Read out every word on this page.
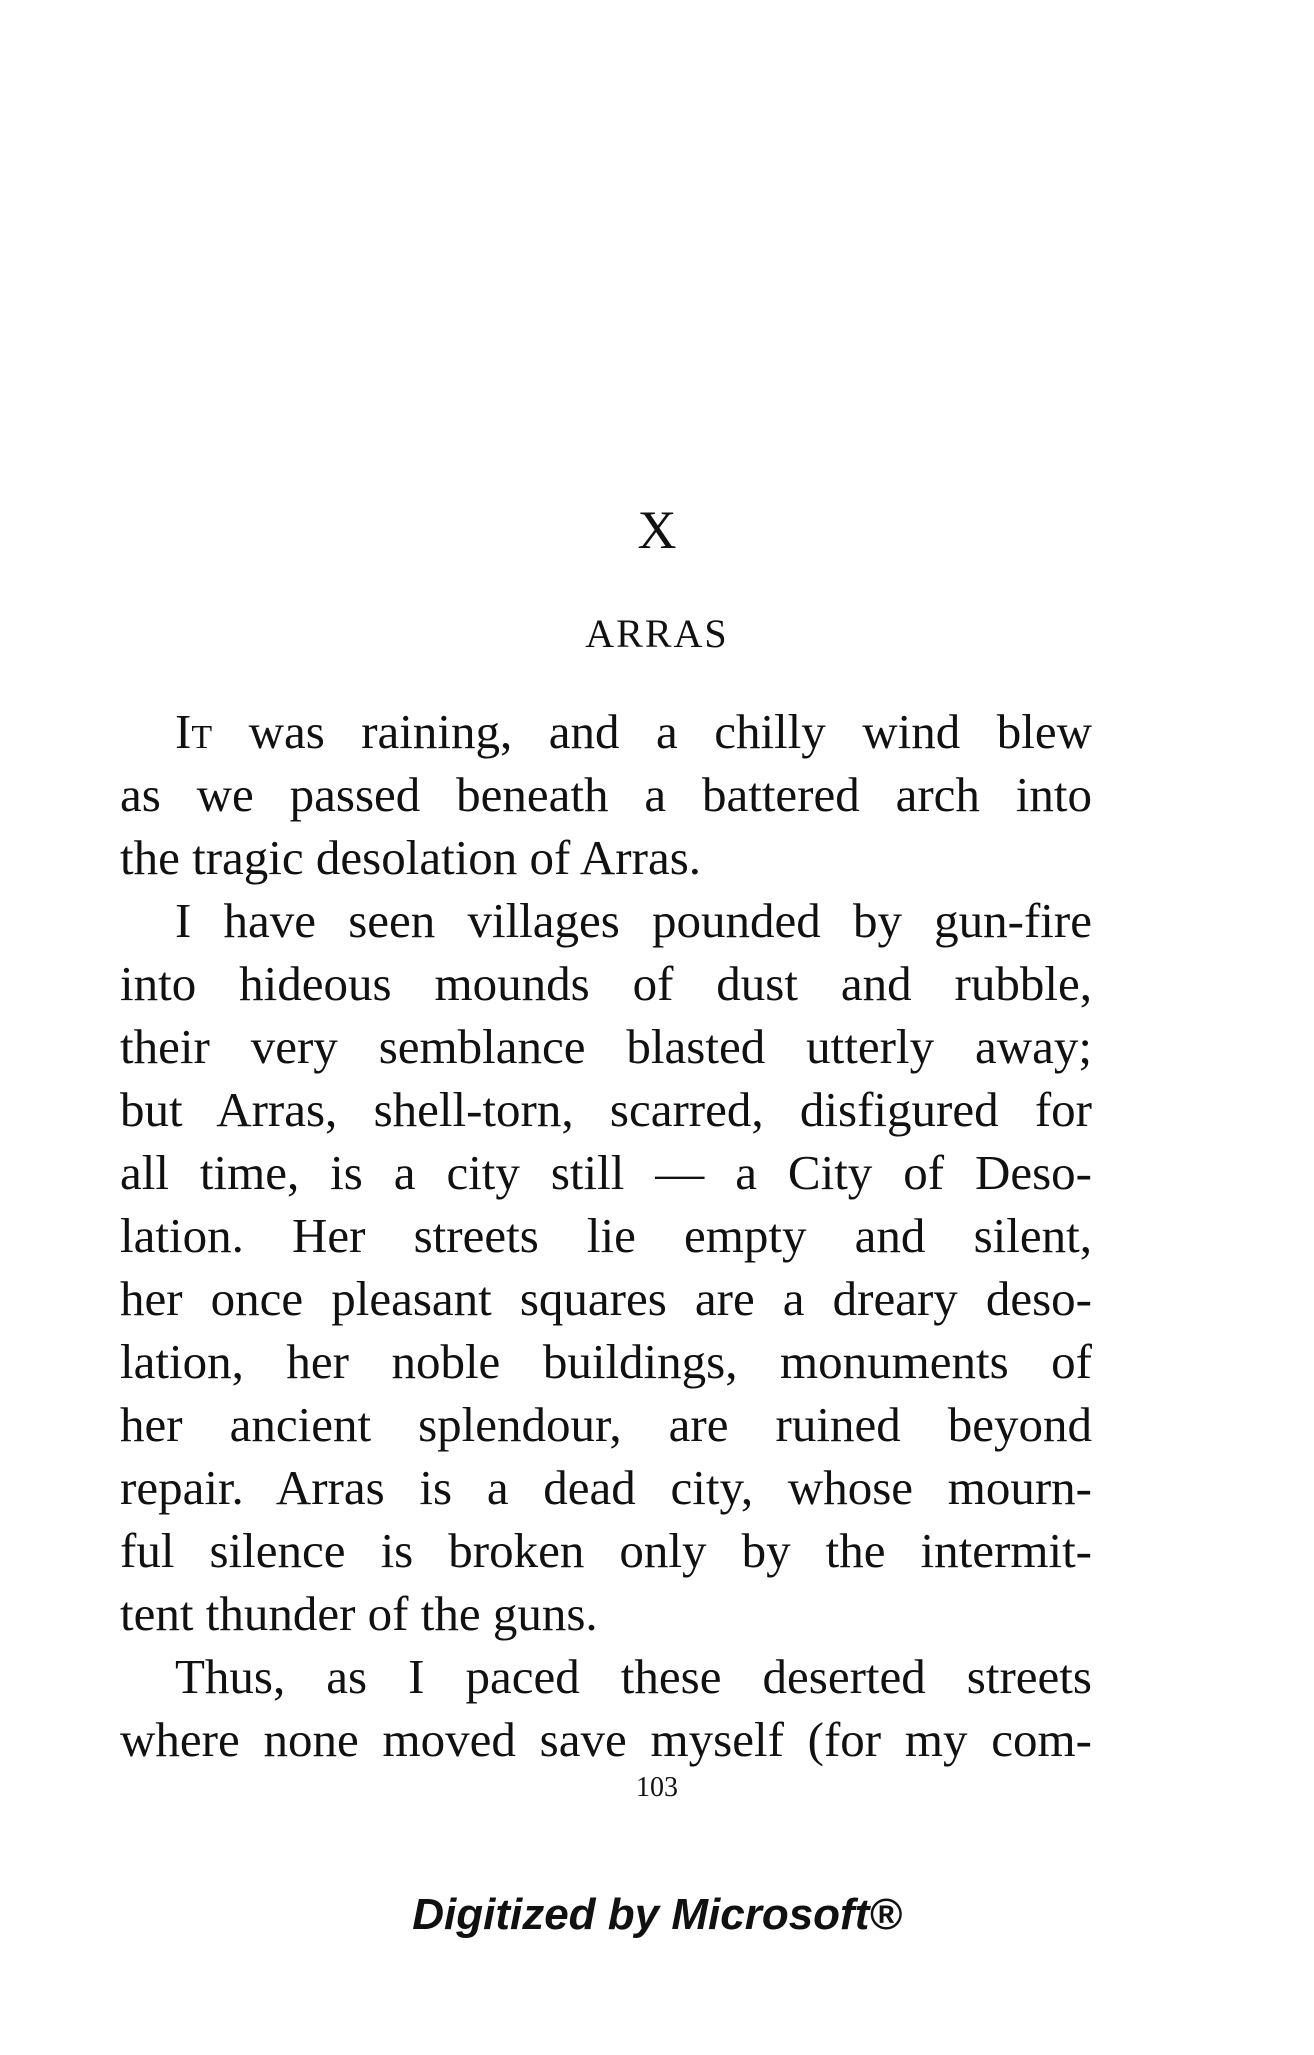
X
ARRAS
It was raining, and a chilly wind blew
as we passed beneath a battered arch into
the tragic desolation of Arras.
I have seen villages pounded by gun-fire
into hideous mounds of dust and rubble,
their very semblance blasted utterly away;
but Arras, shell-torn, scarred, disfigured for
all time, is a city still — a City of Deso-
lation. Her streets lie empty and silent,
her once pleasant squares are a dreary deso-
lation, her noble buildings, monuments of
her ancient splendour, are ruined beyond
repair. Arras is a dead city, whose mourn-
ful silence is broken only by the intermit-
tent thunder of the guns.
Thus, as I paced these deserted streets
where none moved save myself (for my com-
103
Digitized by Microsoft®
